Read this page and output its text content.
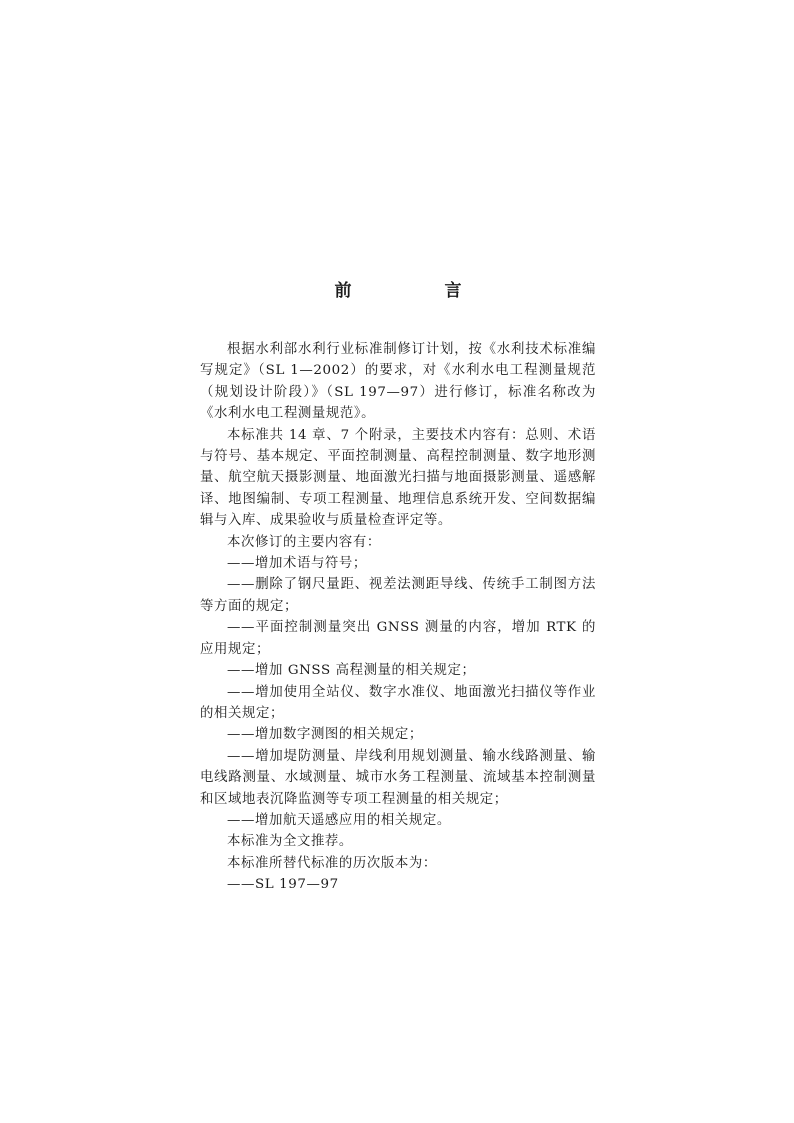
前　言

根据水利部水利行业标准制修订计划，按《水利技术标准编写规定》（SL 1—2002）的要求，对《水利水电工程测量规范（规划设计阶段）》（SL 197—97）进行修订，标准名称改为《水利水电工程测量规范》。

本标准共 14 章、7 个附录，主要技术内容有：总则、术语与符号、基本规定、平面控制测量、高程控制测量、数字地形测量、航空航天摄影测量、地面激光扫描与地面摄影测量、遥感解译、地图编制、专项工程测量、地理信息系统开发、空间数据编辑与入库、成果验收与质量检查评定等。

本次修订的主要内容有：

——增加术语与符号；

——删除了钢尺量距、视差法测距导线、传统手工制图方法等方面的规定；

——平面控制测量突出 GNSS 测量的内容，增加 RTK 的应用规定；

——增加 GNSS 高程测量的相关规定；

——增加使用全站仪、数字水准仪、地面激光扫描仪等作业的相关规定；

——增加数字测图的相关规定；

——增加堤防测量、岸线利用规划测量、输水线路测量、输电线路测量、水域测量、城市水务工程测量、流域基本控制测量和区域地表沉降监测等专项工程测量的相关规定；

——增加航天遥感应用的相关规定。

本标准为全文推荐。

本标准所替代标准的历次版本为：

——SL 197—97
